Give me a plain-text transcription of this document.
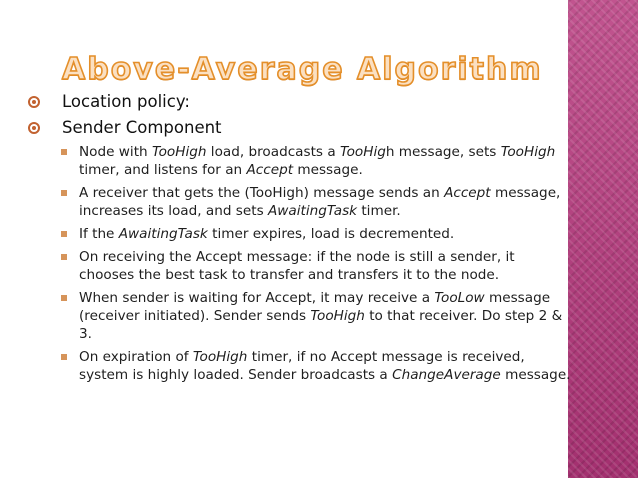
Above-Average Algorithm
Location policy:
Sender Component
Node with TooHigh load, broadcasts a TooHigh message, sets TooHigh timer, and listens for an Accept message.
A receiver that gets the (TooHigh) message sends an Accept message, increases its load, and sets AwaitingTask timer.
If the AwaitingTask timer expires, load is decremented.
On receiving the Accept message: if the node is still a sender, it chooses the best task to transfer and transfers it to the node.
When sender is waiting for Accept, it may receive a TooLow message (receiver initiated). Sender sends TooHigh to that receiver. Do step 2 & 3.
On expiration of TooHigh timer, if no Accept message is received, system is highly loaded. Sender broadcasts a ChangeAverage message.
